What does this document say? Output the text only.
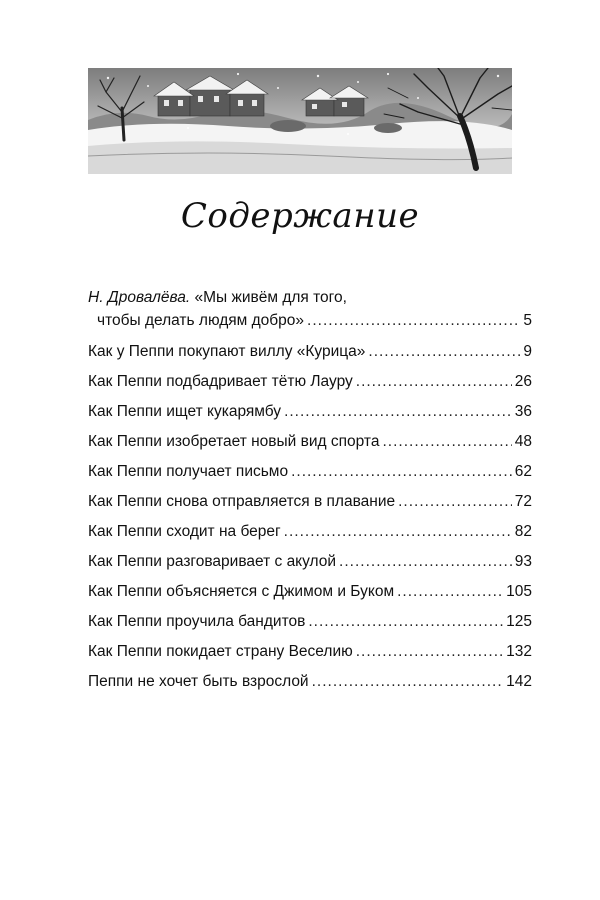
Содержание
Н. Дровалёва. «Мы живём для того,
чтобы делать людям добро» .....	5
Как у Пеппи покупают виллу «Курица» .....	9
Как Пеппи подбадривает тётю Лауру .....	26
Как Пеппи ищет кукарямбу .....	36
Как Пеппи изобретает новый вид спорта .....	48
Как Пеппи получает письмо .....	62
Как Пеппи снова отправляется в плавание .....	72
Как Пеппи сходит на берег .....	82
Как Пеппи разговаривает с акулой .....	93
Как Пеппи объясняется с Джимом и Буком .....	105
Как Пеппи проучила бандитов .....	125
Как Пеппи покидает страну Веселию .....	132
Пеппи не хочет быть взрослой .....	142
